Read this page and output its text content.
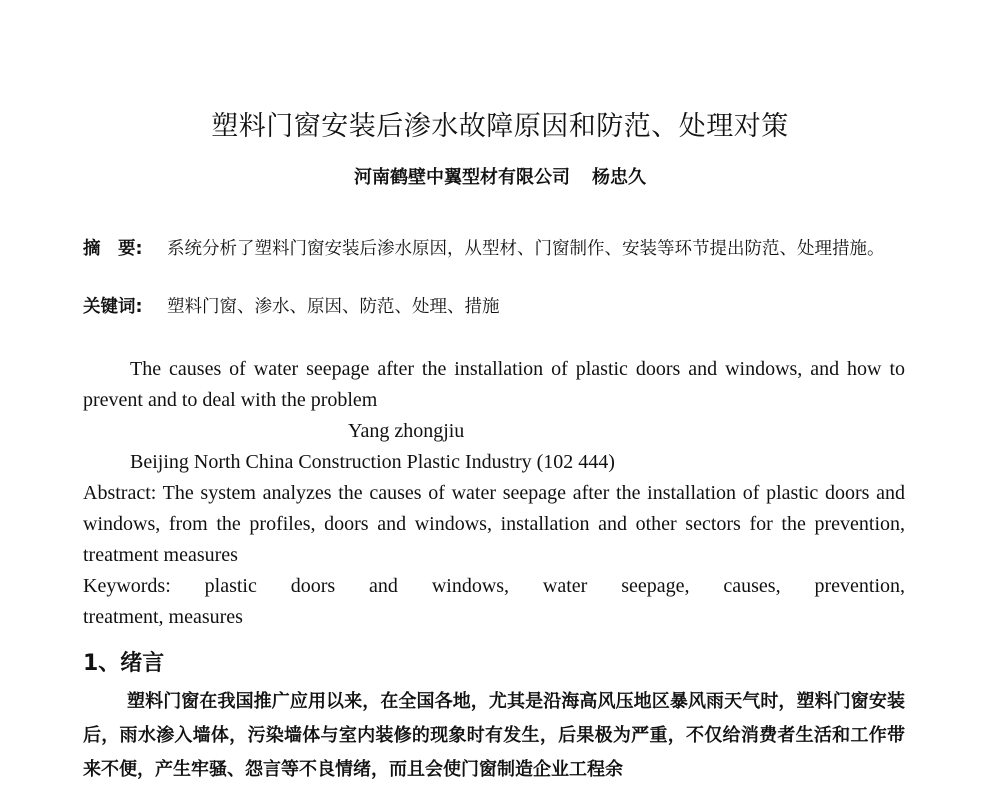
塑料门窗安装后渗水故障原因和防范、处理对策
河南鹤壁中翼型材有限公司 杨忠久
摘　要: 系统分析了塑料门窗安装后渗水原因，从型材、门窗制作、安装等环节提出防范、处理措施。
关键词: 塑料门窗、渗水、原因、防范、处理、措施

The causes of water seepage after the installation of plastic doors and windows, and how to prevent and to deal with the problem

Yang zhongjiu

Beijing North China Construction Plastic Industry (102 444)

Abstract: The system analyzes the causes of water seepage after the installation of plastic doors and windows, from the profiles, doors and windows, installation and other sectors for the prevention, treatment measures

Keywords: plastic doors and windows, water seepage, causes, prevention,
treatment, measures
1、绪言

塑料门窗在我国推广应用以来，在全国各地，尤其是沿海高风压地区暴风雨天气时，塑料门窗安装后，雨水渗入墙体，污染墙体与室内装修的现象时有发生，后果极为严重，不仅给消费者生活和工作带来不便，产生牢骚、怨言等不良情绪，而且会使门窗制造企业工程余
